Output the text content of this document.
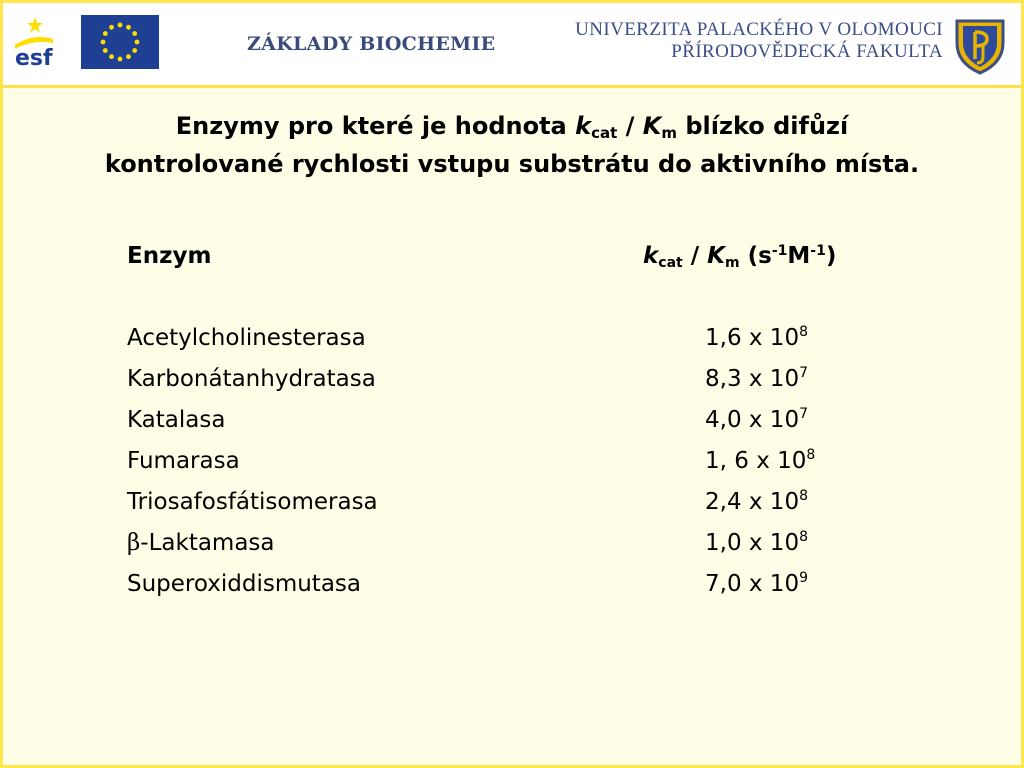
esf
ZÁKLADY BIOCHEMIE
UNIVERZITA PALACKÉHO V OLOMOUCI
PŘÍRODOVĚDECKÁ FAKULTA
Enzymy pro které je hodnota $k_{cat} / K_m$ blízko difůzí
kontrolované rychlosti vstupu substrátu do aktivního místa.
Enzym	$k_{cat} / K_m$ $(s^{-1}M^{-1})$
Acetylcholinesterasa	1,6 x $10^8$
Karbonátanhydratasa	8,3 x $10^7$
Katalasa	4,0 x $10^7$
Fumarasa	1, 6 x $10^8$
Triosafosfátisomerasa	2,4 x $10^8$
β-Laktamasa	1,0 x $10^8$
Superoxiddismutasa	7,0 x $10^9$
